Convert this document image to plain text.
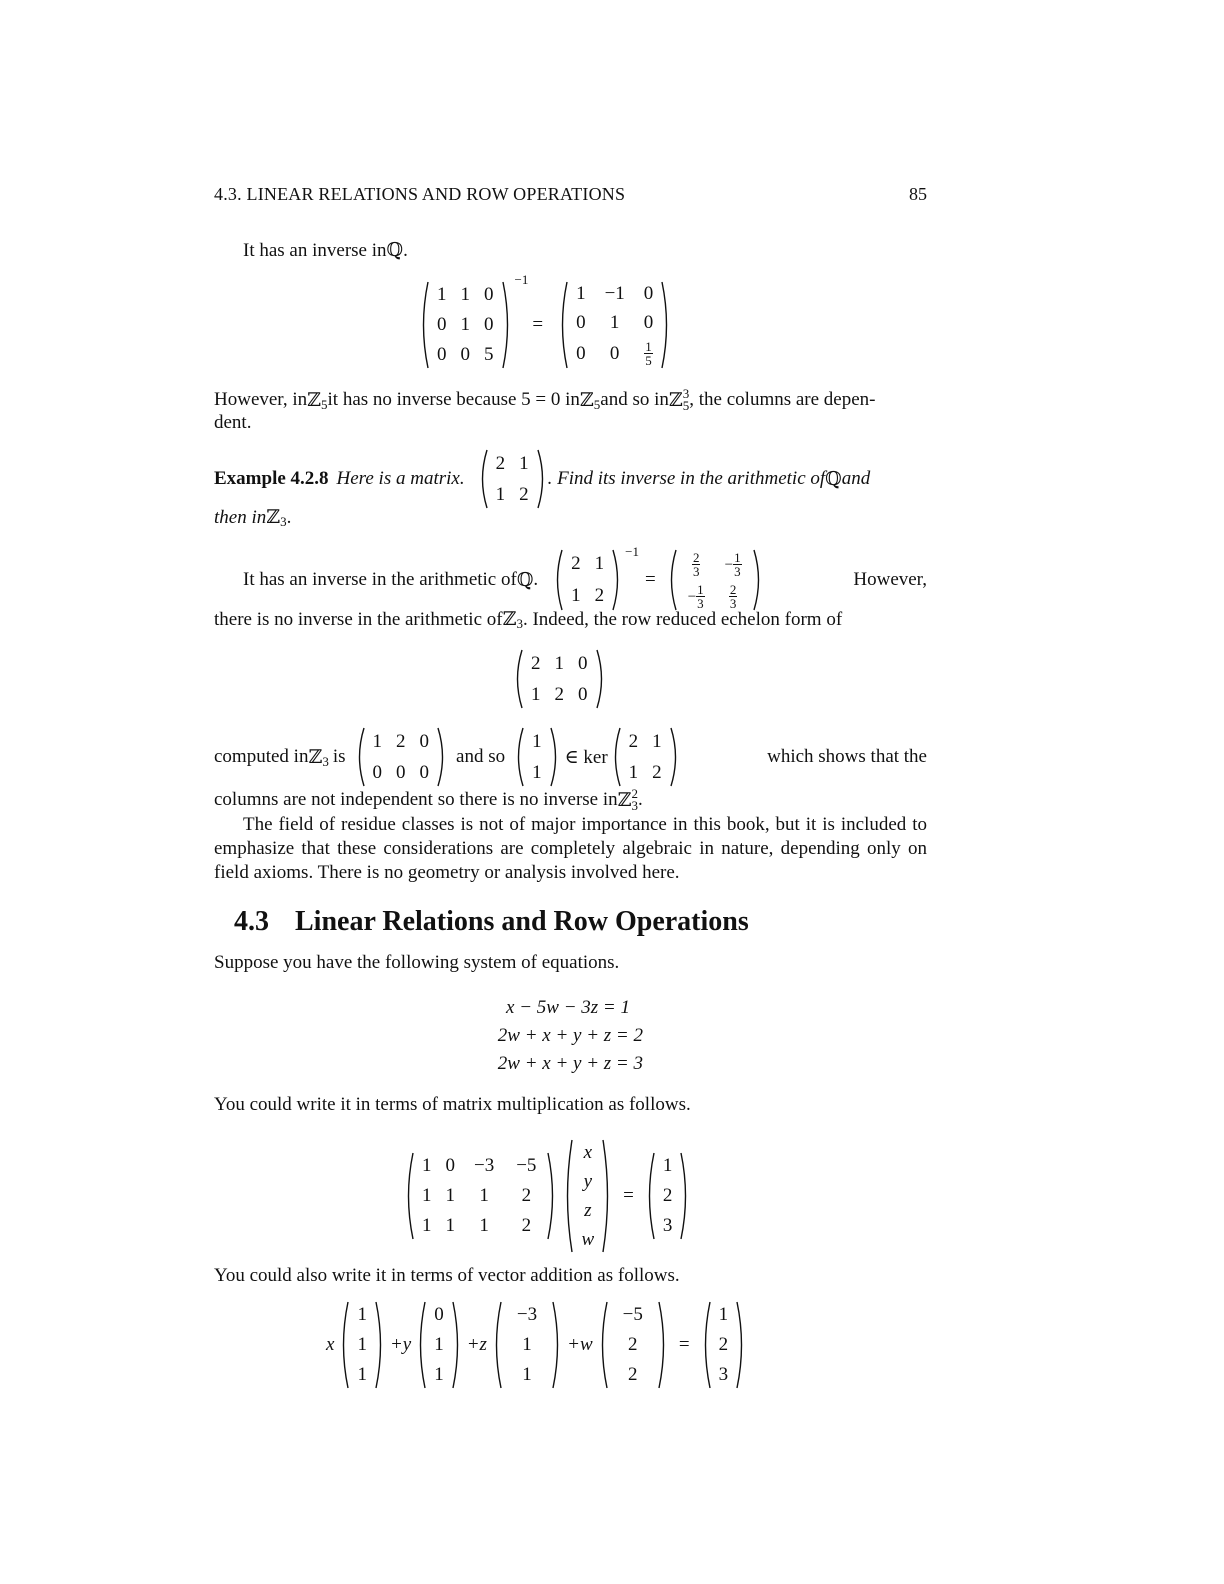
4.3. LINEAR RELATIONS AND ROW OPERATIONS	85
It has an inverse in ℚ .
1	1	0
0	1	0
0	0	5
−1
=
1	−1	0
0	1	0
0	0	$\frac{1}{5}$
However, in ℤ 5 it has no inverse because 5 = 0 in ℤ 5 and so in ℤ 3
5 , the columns are depen-
dent.
Example 4.2.8 Here is a matrix.
2	1
1	2
. Find its inverse in the arithmetic of ℚ and
then in ℤ 3 .
It has an inverse in the arithmetic of ℚ .
2	1
1	2
−1
=
$\frac{2}{3}$	− $\frac{1}{3}$

− $\frac{1}{3}$	$\frac{2}{3}$
However,
there is no inverse in the arithmetic of ℤ 3 . Indeed, the row reduced echelon form of
2	1	0
1	2	0
computed in ℤ 3 is
1	2	0
0	0	0
and so
1
1
∈ ker
2	1
1	2
which shows that the
columns are not independent so there is no inverse in ℤ 2
3 .

The field of residue classes is not of major importance in this book, but it is included to emphasize that these considerations are completely algebraic in nature, depending only on field axioms. There is no geometry or analysis involved here.

4.3 Linear Relations and Row Operations

Suppose you have the following system of equations.

x − 5w − 3z = 1
2w + x + y + z = 2
2w + x + y + z = 3

You could write it in terms of matrix multiplication as follows.

1	0	−3	−5
1	1	1	2
1	1	1	2
x
y
z
w
=
1
2
3

You could also write it in terms of vector addition as follows.

x
1
1
1
+y
0
1
1
+z
−3
1
1
+w
−5
2
2
=
1
2
3
